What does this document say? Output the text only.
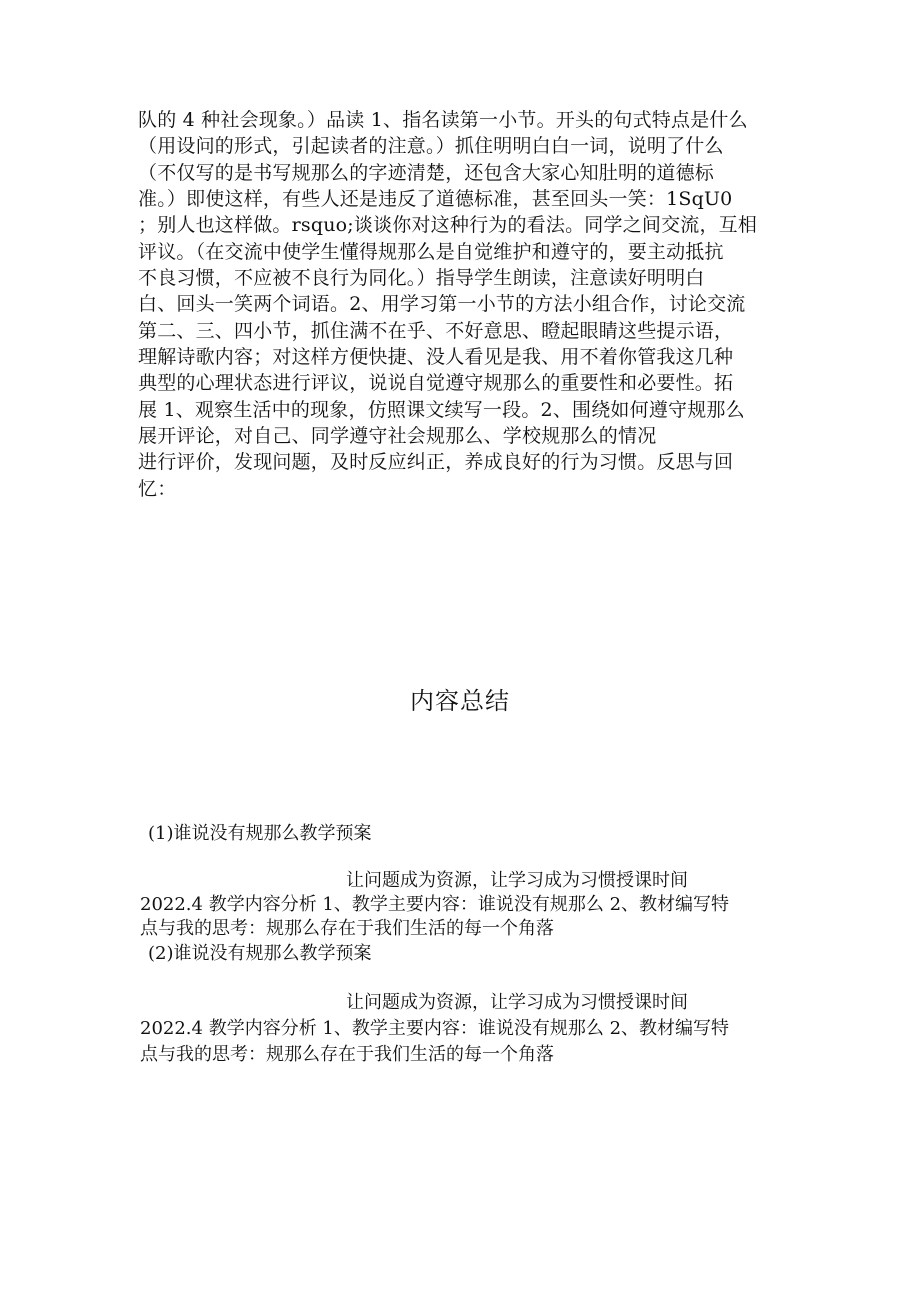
队的 4 种社会现象。）品读 1、指名读第一小节。开头的句式特点是什么
（用设问的形式，引起读者的注意。）抓住明明白白一词，说明了什么
（不仅写的是书写规那么的字迹清楚，还包含大家心知肚明的道德标
准。）即使这样，有些人还是违反了道德标准，甚至回头一笑：1SqU0
；别人也这样做。rsquo;谈谈你对这种行为的看法。同学之间交流，互相
评议。（在交流中使学生懂得规那么是自觉维护和遵守的，要主动抵抗
不良习惯，不应被不良行为同化。）指导学生朗读，注意读好明明白
白、回头一笑两个词语。2、用学习第一小节的方法小组合作，讨论交流
第二、三、四小节，抓住满不在乎、不好意思、瞪起眼睛这些提示语，
理解诗歌内容；对这样方便快捷、没人看见是我、用不着你管我这几种
典型的心理状态进行评议，说说自觉遵守规那么的重要性和必要性。拓
展 1、观察生活中的现象，仿照课文续写一段。2、围绕如何遵守规那么
展开评论，对自己、同学遵守社会规那么、学校规那么的情况
进行评价，发现问题，及时反应纠正，养成良好的行为习惯。反思与回
忆：
内容总结
(1)谁说没有规那么教学预案
让问题成为资源，让学习成为习惯授课时间
2022.4 教学内容分析 1、教学主要内容：谁说没有规那么 2、教材编写特
点与我的思考：规那么存在于我们生活的每一个角落
(2)谁说没有规那么教学预案
让问题成为资源，让学习成为习惯授课时间
2022.4 教学内容分析 1、教学主要内容：谁说没有规那么 2、教材编写特
点与我的思考：规那么存在于我们生活的每一个角落
